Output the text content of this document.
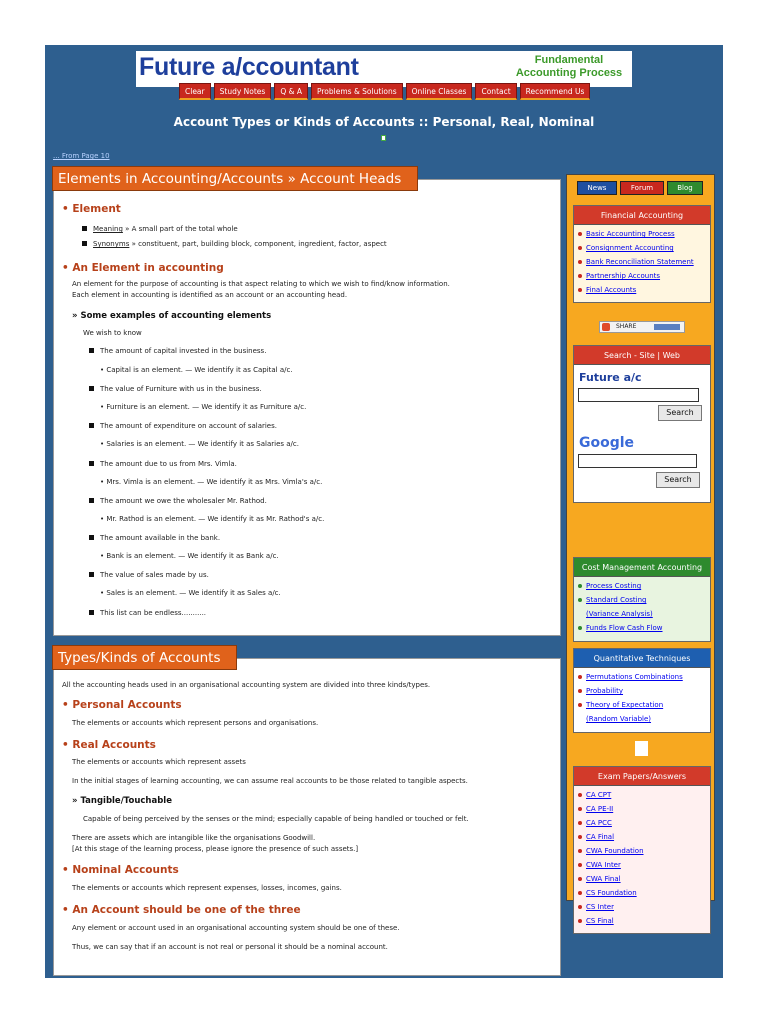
Future a/ccountant	Fundamental
Accounting Process
Clear	Study Notes	Q & A	Problems & Solutions	Online Classes	Contact	Recommend Us
Account Types or Kinds of Accounts :: Personal, Real, Nominal
... From Page 10
• Element
Meaning » A small part of the total whole
Synonyms » constituent, part, building block, component, ingredient, factor, aspect
• An Element in accounting
An element for the purpose of accounting is that aspect relating to which we wish to find/know information.
Each element in accounting is identified as an account or an accounting head.
» Some examples of accounting elements
We wish to know
The amount of capital invested in the business.
• Capital is an element. — We identify it as Capital a/c.
The value of Furniture with us in the business.
• Furniture is an element. — We identify it as Furniture a/c.
The amount of expenditure on account of salaries.
• Salaries is an element. — We identify it as Salaries a/c.
The amount due to us from Mrs. Vimla.
• Mrs. Vimla is an element. — We identify it as Mrs. Vimla's a/c.
The amount we owe the wholesaler Mr. Rathod.
• Mr. Rathod is an element. — We identify it as Mr. Rathod's a/c.
The amount available in the bank.
• Bank is an element. — We identify it as Bank a/c.
The value of sales made by us.
• Sales is an element. — We identify it as Sales a/c.
This list can be endless...........
Elements in Accounting/Accounts » Account Heads
All the accounting heads used in an organisational accounting system are divided into three kinds/types.
• Personal Accounts
The elements or accounts which represent persons and organisations.
• Real Accounts
The elements or accounts which represent assets
In the initial stages of learning accounting, we can assume real accounts to be those related to tangible aspects.
» Tangible/Touchable
Capable of being perceived by the senses or the mind; especially capable of being handled or touched or felt.
There are assets which are intangible like the organisations Goodwill.
[At this stage of the learning process, please ignore the presence of such assets.]
• Nominal Accounts
The elements or accounts which represent expenses, losses, incomes, gains.
• An Account should be one of the three
Any element or account used in an organisational accounting system should be one of these.
Thus, we can say that if an account is not real or personal it should be a nominal account.
Types/Kinds of Accounts
News	Forum	Blog
Financial Accounting
Basic Accounting Process
Consignment Accounting
Bank Reconciliation Statement
Partnership Accounts
Final Accounts
SHARE
Search - Site | Web
Future a/c
Search
Google
Search
Cost Management Accounting
Process Costing
Standard Costing
(Variance Analysis)
Funds Flow Cash Flow
Quantitative Techniques
Permutations Combinations
Probability
Theory of Expectation
(Random Variable)
Exam Papers/Answers
CA CPT
CA PE-II
CA PCC
CA Final
CWA Foundation
CWA Inter
CWA Final
CS Foundation
CS Inter
CS Final
